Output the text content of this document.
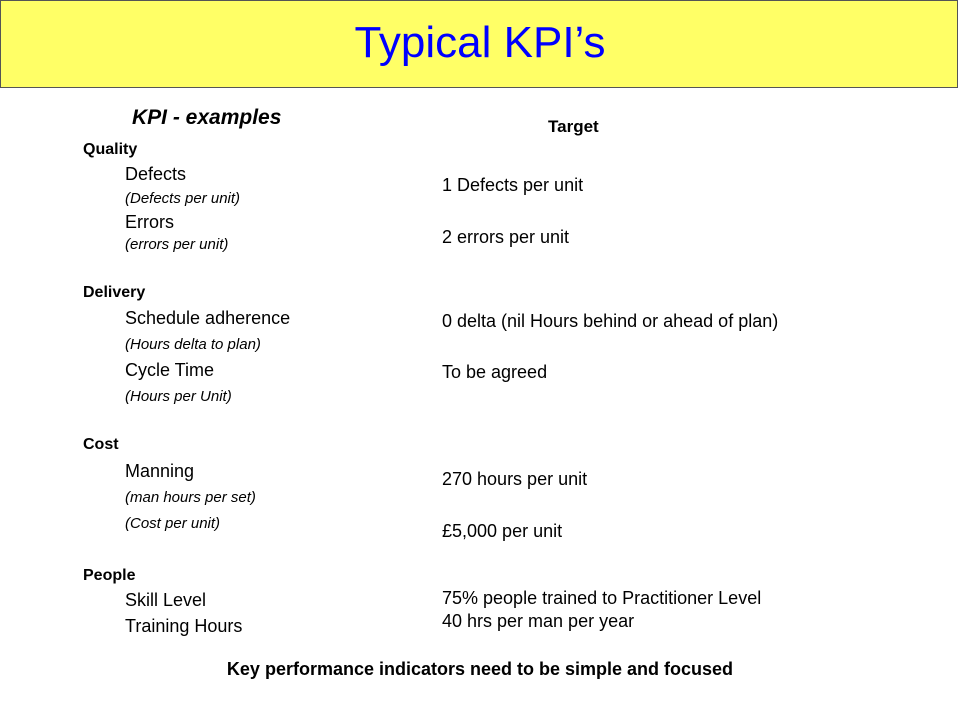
Typical KPI’s
KPI - examples	Target
Quality
Defects
(Defects per unit)
Errors
(errors per unit)
Delivery
Schedule adherence
(Hours delta to plan)
Cycle Time
(Hours per Unit)
Cost
Manning
(man hours per set)
(Cost per unit)
People
Skill Level
Training Hours
1 Defects per unit
2 errors per unit
0 delta (nil Hours behind or ahead of plan)
To be agreed
270 hours per unit
£5,000 per unit
75% people trained to Practitioner Level
40 hrs per man per year
Key performance indicators need to be simple and focused
